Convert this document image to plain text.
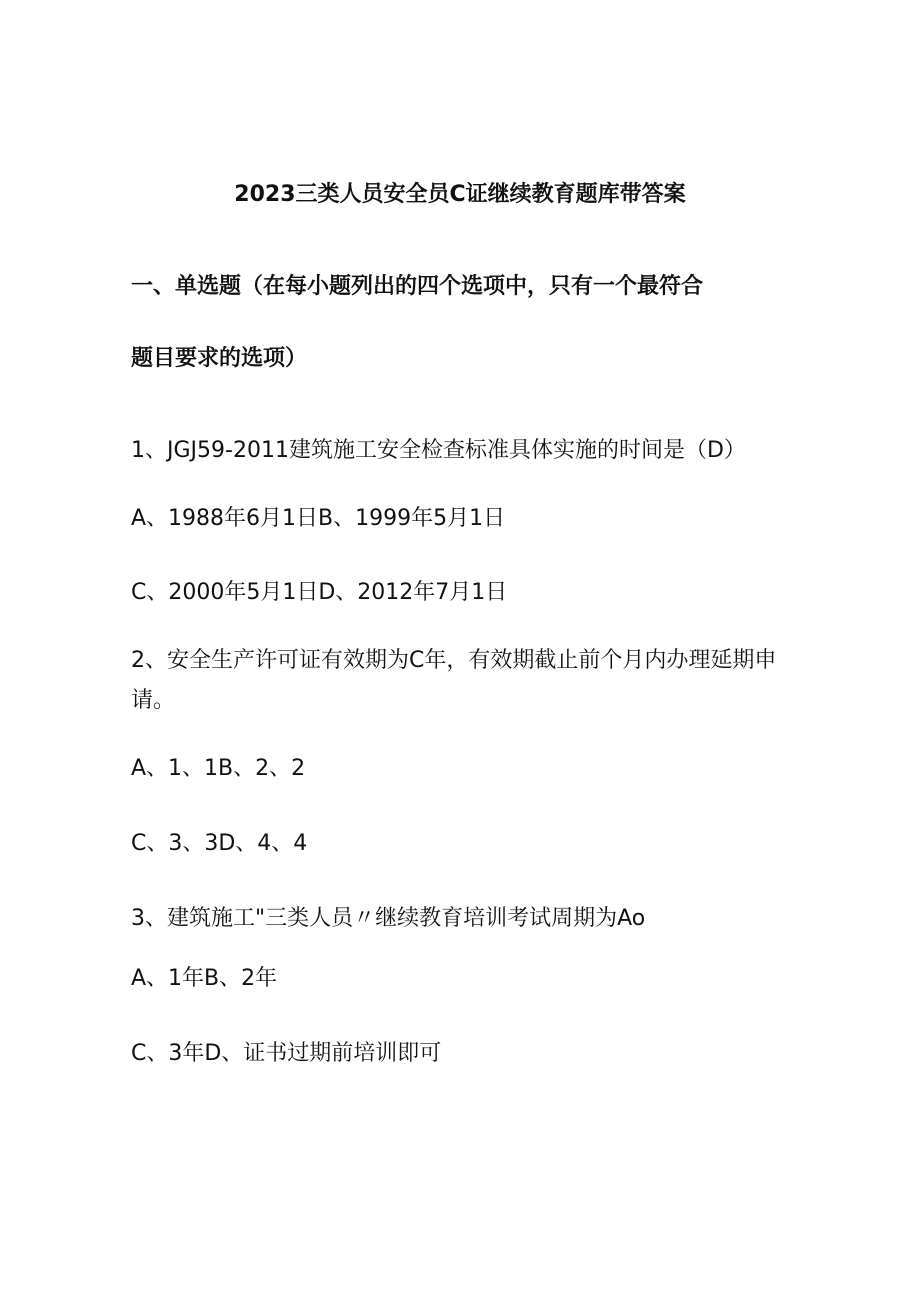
2023三类人员安全员C证继续教育题库带答案
一、单选题（在每小题列出的四个选项中，只有一个最符合
题目要求的选项）
1、JGJ59-2011建筑施工安全检查标准具体实施的时间是（D）
A、1988年6月1日B、1999年5月1日
C、2000年5月1日D、2012年7月1日
2、安全生产许可证有效期为C年，有效期截止前个月内办理延期申
请。
A、1、1B、2、2
C、3、3D、4、4
3、建筑施工"三类人员〃继续教育培训考试周期为Ao
A、1年B、2年
C、3年D、证书过期前培训即可
